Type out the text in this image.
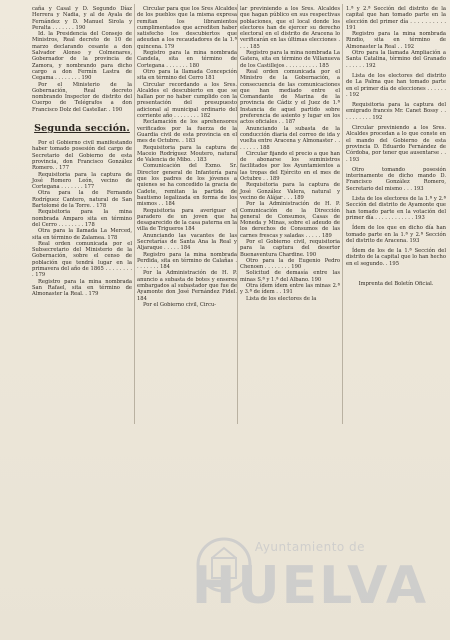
caña y Casal y D. Segundo Díaz Herrera y Nadia, y al de Ayala de Fernández y D. Manuel Sirola y Peralta . . . . . . . 190

Id. la Presidencia del Consejo de Ministros, Real decreto de 10 de marzo declarando cesante a don Salvador Alonso y Colmenares, Gobernador de la provincia de Zamora, y nombrando para dicho cargo a don Fermín Lastra de Cegama . . . . . . . . 190

Por el Ministerio de la Gobernación, Real decreto nombrando Inspector de distrito del Cuerpo de Telégrafos a don Francisco Dolz del Castellar. . 190

Segunda sección.

Por el Gobierno civil manifestando haber tomado posesión del cargo de Secretario del Gobierno de esta provincia, don Francisco González Romero. . 177

Requisitoria para la captura de José Romero León, vecino de Cortegana . . . . . . . 177

Otra para la de Fernando Rodríguez Cantero, natural de San Bartolomé de la Torre. . 178

Requisitoria para la mina nombrada Amparo sita en término del Cerro . . . . . . . . 178

Otra para la llamada La Merced, sita en término de Zalamea. 178

Real orden comunicada por el Subsecretario del Ministerio de la Gobernación, sobre el censo de población que tendrá lugar en la primavera del año de 1865 . . . . . . . . . 179

Registro para la mina nombrada San Rafael, sita en término de Almonaster la Real. . 179

Circular para que los Sres Alcaldes de los pueblos que la misma expresa remitan los libramientos cumplimentados que acrediten haber satisfecho los descubiertos que adeudan a los recaudadores de la 1.ª quincena. 179

Registro para la mina nombrada Candela, sita en término de Cortegana . . . . . . . 180

Otro para la llamada Concepción sita en término del Cerro 181

Circular recordando a los Sres. Alcaldes el descubierto en que se hallan por no haber cumplido con la presentación del presupuesto adicional al municipal ordinario del corriente año . . . . . . . . 182

Reclamación de los aprehensores verificados por la fuerza de la Guardia civil de esta provincia en el mes de Octubre. . 183

Requisitoria para la captura de Maceio Rodríguez Moutero, natural de Valencia de Mibo. . 183

Comunicación del Exmo. Sr. Director general de Infantería para que los padres de los jóvenes a quienes se ha concedido la gracia de Cadete, remitan la partida de bautismo legalizada en forma de los mismos . . 184

Requisitoria para averiguar el paradero de un joven que ha desaparecido de la casa paterna en la villa de Trigueros 184

Anunciando las vacantes de las Secretarías de Santa Ana la Real y Aljaraque . . . . . 184

Registro para la mina nombrada Perdida, sita en término de Calañas . . . . . . . . 184

Por la Administración de H. P. anuncio a subasta de botes y enseres embargados al subastador que fue de Ayamonte don José Fernández Fidel. 184

Por el Gobierno civil, Circu-

lar previniendo a los Sres. Alcaldes que hagan público en sus respectivas poblaciones, que el local donde los electores han de ejercer su derecho electoral en el distrito de Aracena lo verificarán en las últimas elecciones . . . . 185

Registro para la mina nombrada La Gatera, sita en término de Villanueva de los Castillejos . . . . . . . . . . 185

Real orden comunicada por el Ministro de la Gobernación, a consecuencia de las comunicaciones que han mediado entre el Comandante de Marina de la provincia de Cádiz y el Juez de 1.ª Instancia de aquel partido sobre preferencia de asiento y lugar en los actos oficiales . . 187

Anunciando la subasta de la conducción diaria del correo de ida y vuelta entre Aracena y Almonaster . . . . . . . . 188

Circular fijando el precio a que han de abonarse los suministros facilitados por los Ayuntamientos a las tropas del Ejército en el mes de Octubre . . 189

Requisitoria para la captura de José González Valera, natural y vecino de Alájar . . . 189

Por la Administración de H. P. Comunicación de la Dirección general de Consumos, Casas de Moneda y Minas, sobre el adeudo de los derechos de Consumos de las carnes frescas y saladas . . . . . 189

Por el Gobierno civil, requisitoria para la captura del desertor Buenaventura Chardine. 190

Otro para la de Eugenio Pedro Chenoen . . . . . . . . 190

Solicitud de demasía entre las minas S.ª y 1.ª del Albano. 190

Otra ídem ídem entre las minas 2.ª y 3.ª de ídem . . 191

Lista de los electores de la

1.ª y 2.ª Sección del distrito de la capital que han tomado parte en la elección del primer día . . . . . . . . . . 191

Registro para la mina nombrada Rindio, sita en término de Almonaster la Real . . 192

Otro para la llamada Ampliación a Santa Catalina, término del Granado . . . . . . 192

Lista de los electores del distrito de La Palma que han tomado parte en el primer día de elecciones . . . . . . . 192

Requisitoria para la captura del emigrado francés Mr. Canet Bossy . . . . . . . . . . 192

Circular previniendo a los Sres. Alcaldes procedan a lo que conste en el mando del Gobierno de esta provincia D. Eduardo Fernández de Córdoba, por tener que ausentarse . . . 193

Otro tomando posesión interinamente de dicho mando D. Francisco González Romero, Secretario del mismo . . . 193

Lista de los electores de la 1.ª y 2.ª Sección del distrito de Ayamonte que han tomado parte en la votación del primer día . . . . . . . . . . . . 193

Ídem de los que en dicho día han tomado parte en la 1.ª y 2.ª Sección del distrito de Aracena. 193

Ídem de los de la 1.ª Sección del distrito de la capital que lo han hecho en el segundo. . 195

Imprenta del Boletín Oficial.

Ayuntamiento de
HUELVA
